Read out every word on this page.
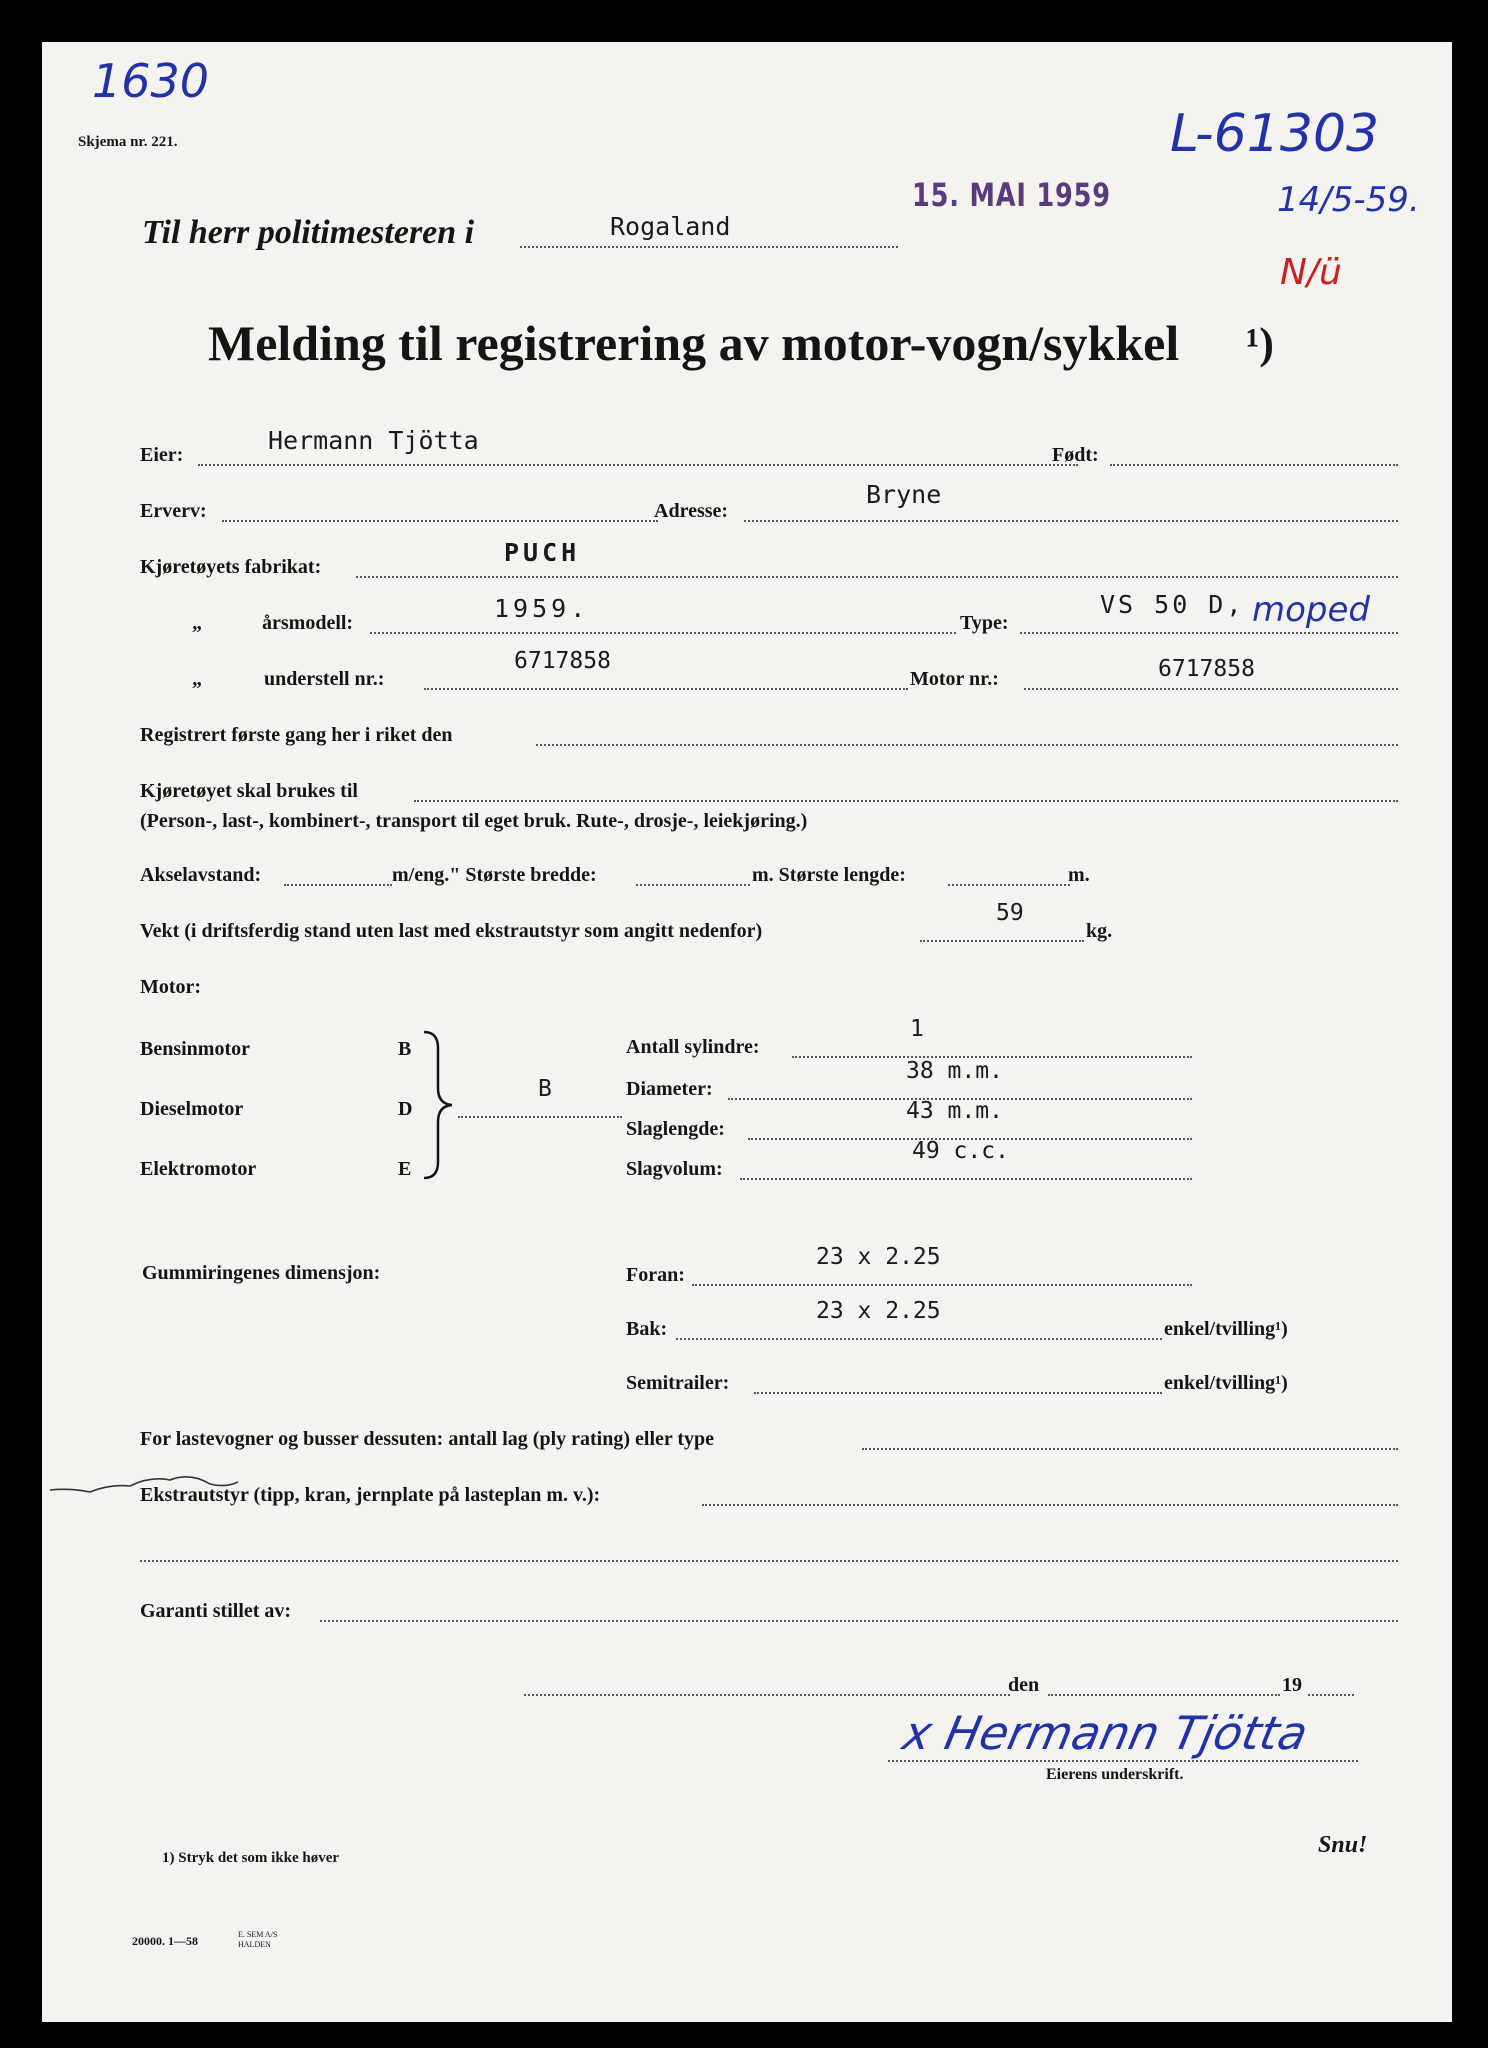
1630
Skjema nr. 221.	L-61303
14/5-59.
N/ü
15. MAI 1959
Til herr politimesteren i	Rogaland
Melding til registrering av motor-vogn/sykkel ¹)
Eier:	Hermann Tjötta	Født:
Erverv:	Adresse:
Bryne
Kjøretøyets fabrikat:	PUCH
„	årsmodell:	1959.	Type:
VS 50 D, moped
„	understell nr.:
6717858
Motor nr.:	6717858
Registrert første gang her i riket den
Kjøretøyet skal brukes til
(Person-, last-, kombinert-, transport til eget bruk. Rute-, drosje-, leiekjøring.)
Akselavstand:	m/eng." Største bredde:	m. Største lengde:	m.
Vekt (i driftsferdig stand uten last med ekstrautstyr som angitt nedenfor)
59
kg.
Motor:
Bensinmotor	B
Dieselmotor	D
Elektromotor	E
B
Antall sylindre:
1
Diameter:
38 m.m.
Slaglengde:
43 m.m.
Slagvolum:
49 c.c.
Gummiringenes dimensjon:	Foran:
23 x 2.25
Bak:
23 x 2.25
enkel/tvilling¹)
Semitrailer:	enkel/tvilling¹)
For lastevogner og busser dessuten: antall lag (ply rating) eller type
Ekstrautstyr (tipp, kran, jernplate på lasteplan m. v.):
Garanti stillet av:
den	19
x Hermann Tjötta
Eierens underskrift.
Snu!
1) Stryk det som ikke høver
20000. 1—58	E. SEM A/S
HALDEN
